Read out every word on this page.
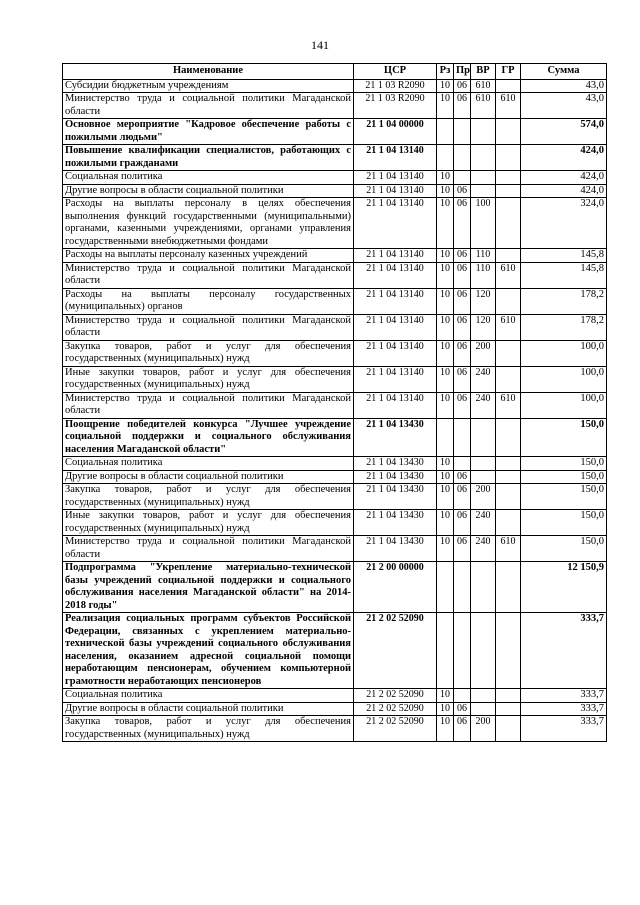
141
Наименование	ЦСР	Рз	Пр	ВР	ГР	Сумма
Субсидии бюджетным учреждениям	21 1 03 R2090	10	06	610		43,0
Министерство труда и социальной политики Магаданской области	21 1 03 R2090	10	06	610	610	43,0
Основное мероприятие "Кадровое обеспечение работы с пожилыми людьми"	21 1 04 00000					574,0
Повышение квалификации специалистов, работающих с пожилыми гражданами	21 1 04 13140					424,0
Социальная политика	21 1 04 13140	10				424,0
Другие вопросы в области социальной политики	21 1 04 13140	10	06			424,0
Расходы на выплаты персоналу в целях обеспечения выполнения функций государственными (муниципальными) органами, казенными учреждениями, органами управления государственными внебюджетными фондами	21 1 04 13140	10	06	100		324,0
Расходы на выплаты персоналу казенных учреждений	21 1 04 13140	10	06	110		145,8
Министерство труда и социальной политики Магаданской области	21 1 04 13140	10	06	110	610	145,8
Расходы на выплаты персоналу государственных (муниципальных) органов	21 1 04 13140	10	06	120		178,2
Министерство труда и социальной политики Магаданской области	21 1 04 13140	10	06	120	610	178,2
Закупка товаров, работ и услуг для обеспечения государственных (муниципальных) нужд	21 1 04 13140	10	06	200		100,0
Иные закупки товаров, работ и услуг для обеспечения государственных (муниципальных) нужд	21 1 04 13140	10	06	240		100,0
Министерство труда и социальной политики Магаданской области	21 1 04 13140	10	06	240	610	100,0
Поощрение победителей конкурса "Лучшее учреждение социальной поддержки и социального обслуживания населения Магаданской области"	21 1 04 13430					150,0
Социальная политика	21 1 04 13430	10				150,0
Другие вопросы в области социальной политики	21 1 04 13430	10	06			150,0
Закупка товаров, работ и услуг для обеспечения государственных (муниципальных) нужд	21 1 04 13430	10	06	200		150,0
Иные закупки товаров, работ и услуг для обеспечения государственных (муниципальных) нужд	21 1 04 13430	10	06	240		150,0
Министерство труда и социальной политики Магаданской области	21 1 04 13430	10	06	240	610	150,0
Подпрограмма "Укрепление материально-технической базы учреждений социальной поддержки и социального обслуживания населения Магаданской области" на 2014-2018 годы"	21 2 00 00000					12 150,9
Реализация социальных программ субъектов Российской Федерации, связанных с укреплением материально-технической базы учреждений социального обслуживания населения, оказанием адресной социальной помощи неработающим пенсионерам, обучением компьютерной грамотности неработающих пенсионеров	21 2 02 52090					333,7
Социальная политика	21 2 02 52090	10				333,7
Другие вопросы в области социальной политики	21 2 02 52090	10	06			333,7
Закупка товаров, работ и услуг для обеспечения государственных (муниципальных) нужд	21 2 02 52090	10	06	200		333,7
